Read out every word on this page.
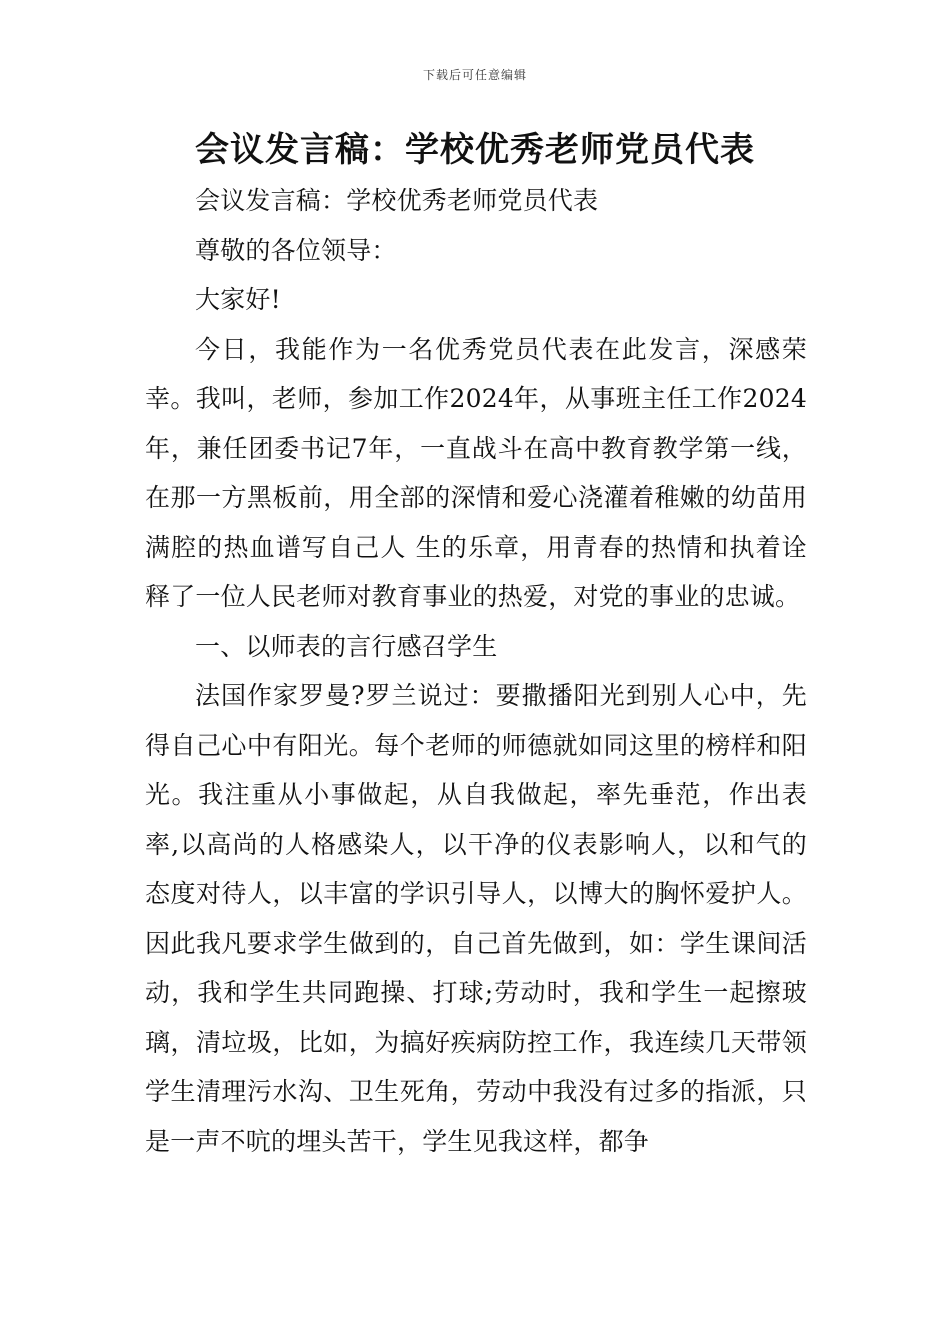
下载后可任意编辑
会议发言稿：学校优秀老师党员代表

会议发言稿：学校优秀老师党员代表

尊敬的各位领导：

大家好!

今日，我能作为一名优秀党员代表在此发言，深感荣幸。我叫，老师，参加工作2024年，从事班主任工作2024年，兼任团委书记7年，一直战斗在高中教育教学第一线，在那一方黑板前，用全部的深情和爱心浇灌着稚嫩的幼苗用满腔的热血谱写自己人 生的乐章，用青春的热情和执着诠释了一位人民老师对教育事业的热爱，对党的事业的忠诚。

一、以师表的言行感召学生

法国作家罗曼?罗兰说过：要撒播阳光到别人心中，先得自己心中有阳光。每个老师的师德就如同这里的榜样和阳光。我注重从小事做起，从自我做起，率先垂范，作出表率,以高尚的人格感染人，以干净的仪表影响人，以和气的态度对待人，以丰富的学识引导人，以博大的胸怀爱护人。因此我凡要求学生做到的，自己首先做到，如：学生课间活动，我和学生共同跑操、打球;劳动时，我和学生一起擦玻璃，清垃圾，比如，为搞好疾病防控工作，我连续几天带领学生清理污水沟、卫生死角，劳动中我没有过多的指派，只是一声不吭的埋头苦干，学生见我这样，都争
